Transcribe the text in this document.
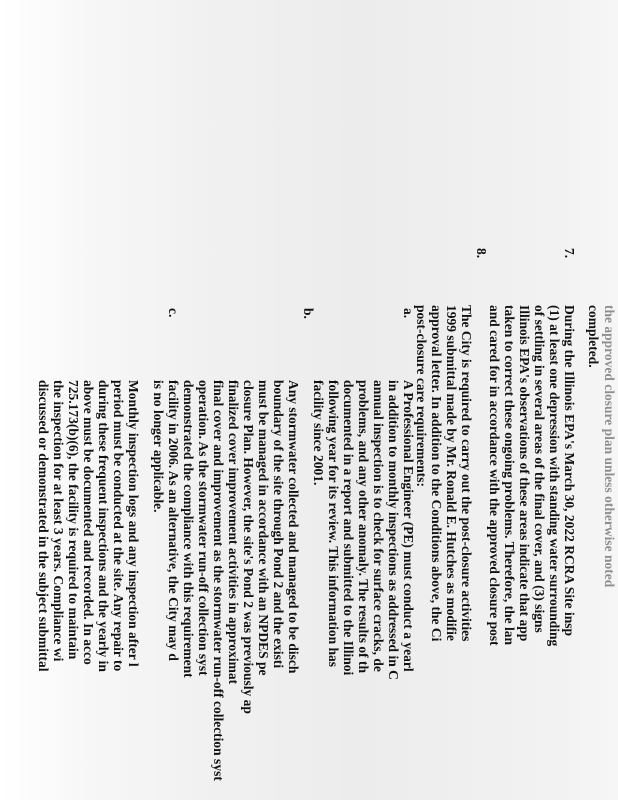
the approved closure plan unless otherwise noted
completed.
7.
During the Illinois EPA's March 30, 2022 RCRA Site insp
(1) at least one depression with standing water surrounding
of settling in several areas of the final cover, and (3) signs
Illinois EPA's observations of these areas indicate that app
taken to correct these ongoing problems. Therefore, the lan
and cared for in accordance with the approved closure post
8.
The City is required to carry out the post-closure activities
1999 submittal made by Mr. Ronald E. Hutches as modifie
approval letter. In addition to the Conditions above, the Ci
post-closure care requirements:
a.
A Professional Engineer (PE) must conduct a yearl
in addition to monthly inspections as addressed in C
annual inspection is to check for surface cracks, de
problems, and any other anomaly. The results of th
documented in a report and submitted to the Illinoi
following year for its review. This information has
facility since 2001.
b.
Any stormwater collected and managed to be disch
boundary of the site through Pond 2 and the existi
must be managed in accordance with an NPDES pe
closure Plan. However, the site's Pond 2 was previously ap
finalized cover improvement activities in approximat
final cover and improvement as the stormwater run-off collection syst
operation. As the stormwater run-off collection syst
demonstrated the compliance with this requirement
facility in 2006. As an alternative, the City may d
is no longer applicable.
c.
Monthly inspection logs and any inspection after l
period must be conducted at the site. Any repair to
during these frequent inspections and the yearly in
above must be documented and recorded. In acco
725.173(b)(6), the facility is required to maintain
the inspection for at least 3 years. Compliance wi
discussed or demonstrated in the subject submittal
